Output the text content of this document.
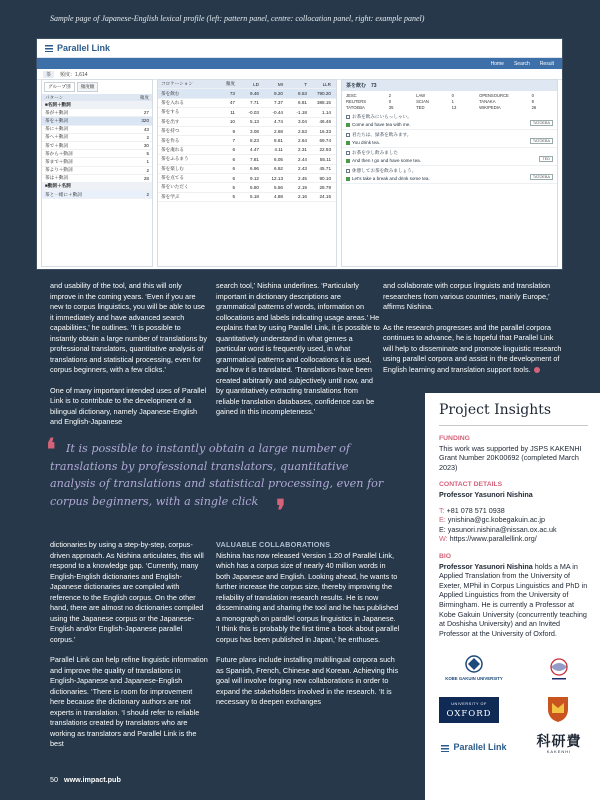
Sample page of Japanese-English lexical profile (left: pattern panel, centre: collocation panel, right: example panel)
Parallel Link
Home Search Result
茶	頻度：1,614
グループ別	頻度順
パターン	頻度
■名詞＋動詞
茶が＋動詞	27
茶を＋動詞	320
茶に＋動詞	43
茶へ＋動詞	2
茶で＋動詞	30
茶から＋動詞	5
茶まで＋動詞	1
茶より＋動詞	2
茶は＋動詞	28
■動詞＋名詞
茶と一緒に＋動詞	2
コロケーション	頻度	LD	MI	T	LLR
茶を飲む	73	9.46	9.20	8.53	790.20
茶を入れる	47	7.71	7.37	6.81	388.15
茶をする	11	-0.03	-0.44	-1.18	1.14
茶を出す	10	5.13	4.74	3.04	46.46
茶を持つ	9	3.08	2.68	2.53	16.33
茶を作る	7	8.23	8.61	2.64	69.74
茶を淹れる	6	4.47	4.11	2.31	22.93
茶をふるまう	6	7.81	6.05	2.44	55.11
茶を楽しむ	6	6.96	6.92	2.43	45.71
茶を点てる	6	9.12	12.13	2.45	90.10
茶をいただく	5	5.80	5.56	2.19	28.79
茶を学ぶ	5	5.18	4.88	2.16	24.15
茶を飲む　73
JESC	2	LAW	0	OPENSOURCE	0
REUTERS	0	SCIAN	1	TANAKA	9
TATOEBA	35	TED	13	WIKIPEDIA	26
お茶を飲みにいらっしゃい。
Come and have tea with me.	TATOEBA
君たちは、緑茶を飲みます。
You drink tea.	TATOEBA
お茶を少し飲みました
And then I go and have some tea.	TED
休憩してお茶を飲みましょう。
Let's take a break and drink some tea.	TATOEBA

and usability of the tool, and this will only improve in the coming years. ‘Even if you are new to corpus linguistics, you will be able to use it immediately and have advanced search capabilities,’ he outlines. ‘It is possible to instantly obtain a large number of translations by professional translators, quantitative analysis of translations and statistical processing, even for corpus beginners, with a few clicks.’

One of many important intended uses of Parallel Link is to contribute to the development of a bilingual dictionary, namely Japanese-English and English-Japanese

search tool,’ Nishina underlines. ‘Particularly important in dictionary descriptions are grammatical patterns of words, information on collocations and labels indicating usage areas.’ He explains that by using Parallel Link, it is possible to quantitatively understand in what genres a particular word is frequently used, in what grammatical patterns and collocations it is used, and how it is translated. ‘Translations have been created arbitrarily and subjectively until now, and by quantitatively extracting translations from reliable translation databases, confidence can be gained in this incompleteness.’

and collaborate with corpus linguists and translation researchers from various countries, mainly Europe,’ affirms Nishina.

As the research progresses and the parallel corpora continues to advance, he is hopeful that Parallel Link will help to disseminate and promote linguistic research using parallel corpora and assist in the development of English learning and translation support tools.

❛ It is possible to instantly obtain a large number of translations by professional translators, quantitative analysis of translations and statistical processing, even for corpus beginners, with a single click ❜

dictionaries by using a step-by-step, corpus-driven approach. As Nishina articulates, this will respond to a knowledge gap. ‘Currently, many English-English dictionaries and English-Japanese dictionaries are compiled with reference to the English corpus. On the other hand, there are almost no dictionaries compiled using the Japanese corpus or the Japanese-English and/or English-Japanese parallel corpus.’

Parallel Link can help refine linguistic information and improve the quality of translations in English-Japanese and Japanese-English dictionaries. ‘There is room for improvement here because the dictionary authors are not experts in translation. ‘I should refer to reliable translations created by translators who are working as translators and Parallel Link is the best

VALUABLE COLLABORATIONS

Nishina has now released Version 1.20 of Parallel Link, which has a corpus size of nearly 40 million words in both Japanese and English. Looking ahead, he wants to further increase the corpus size, thereby improving the reliability of translation research results. He is now disseminating and sharing the tool and he has published a monograph on parallel corpus linguistics in Japanese. ‘I think this is probably the first time a book about parallel corpus has been published in Japan,’ he enthuses.

Future plans include installing multilingual corpora such as Spanish, French, Chinese and Korean. Achieving this goal will involve forging new collaborations in order to expand the stakeholders involved in the research. ‘It is necessary to deepen exchanges

Project Insights
FUNDING
This work was supported by JSPS KAKENHI Grant Number 20K00692 (completed March 2023)
CONTACT DETAILS
Professor Yasunori Nishina
T: +81 078 571 0938
E: ynishina@gc.kobegakuin.ac.jp
E: yasunori.nishina@nissan.ox.ac.uk
W: https://www.parallellink.org/
BIO
Professor Yasunori Nishina holds a MA in Applied Translation from the University of Exeter, MPhil in Corpus Linguistics and PhD in Applied Linguistics from the University of Birmingham. He is currently a Professor at Kobe Gakuin University (concurrently teaching at Doshisha University) and an Invited Professor at the University of Oxford.
KOBE GAKUIN UNIVERSITY
UNIVERSITY OF
OXFORD
Parallel Link 科研費
KAKENHI
50 www.impact.pub
